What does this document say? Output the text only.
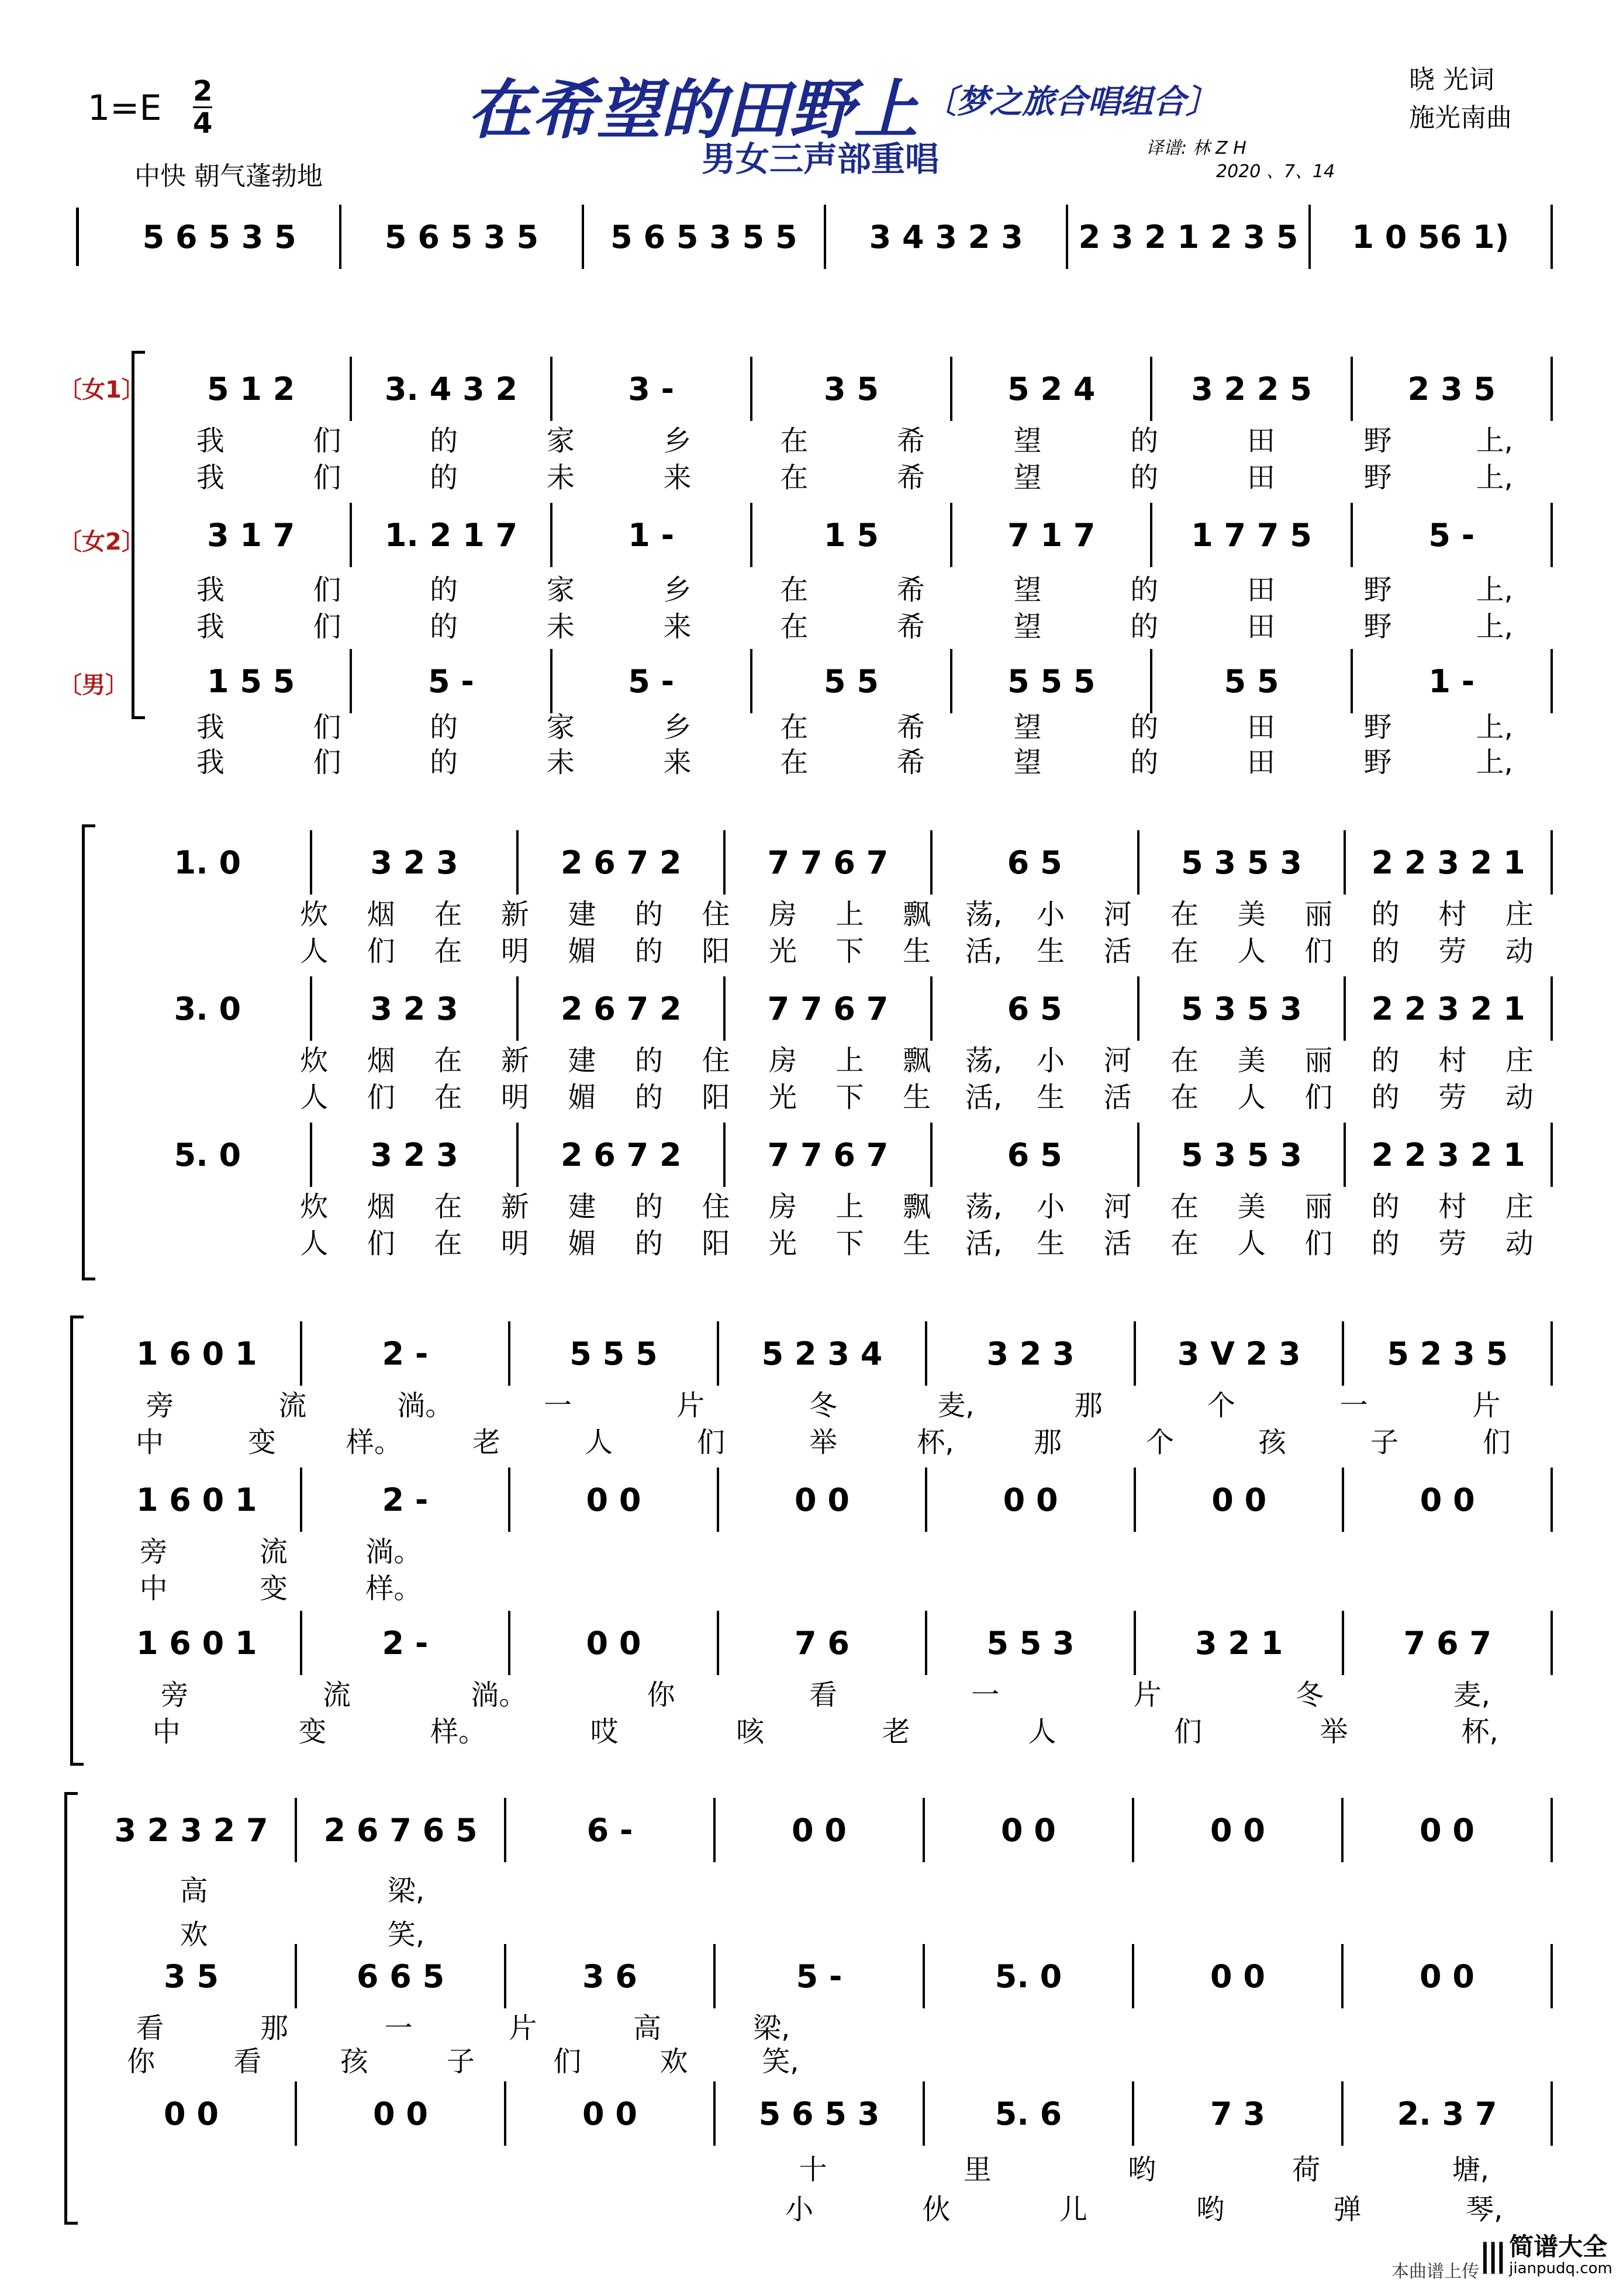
1=E 2
4	在希望的田野上 〔梦之旅合唱组合〕
男女三声部重唱
晓 光词
施光南曲
译谱: 林 Z H
2020 、7、14
中快 朝气蓬勃地
5 6 5 3 5	5 6 5 3 5	5 6 5 3 5 5	3 4 3 2 3	2 3 2 1 2 3 5	1 0 56 1)
〔女1〕
〔女2〕
〔男〕
5 1 2	3. 4 3 2	3 -	3 5	5 2 4	3 2 2 5	2 3 5
我	们	的	家	乡	在	希	望	的	田	野	上,
我	们	的	未	来	在	希	望	的	田	野	上,
3 1 7	1. 2 1 7	1 -	1 5	7 1 7	1 7 7 5	5 -
我	们	的	家	乡	在	希	望	的	田	野	上,
我	们	的	未	来	在	希	望	的	田	野	上,
1 5 5	5 -	5 -	5 5	5 5 5	5 5	1 -
我	们	的	家	乡	在	希	望	的	田	野	上,
我	们	的	未	来	在	希	望	的	田	野	上,
1. 0	3 2 3	2 6 7 2	7 7 6 7	6 5	5 3 5 3	2 2 3 2 1
炊	烟	在	新	建	的	住	房	上	飘	荡,	小	河	在	美	丽	的	村	庄
人	们	在	明	媚	的	阳	光	下	生	活,	生	活	在	人	们	的	劳	动
3. 0	3 2 3	2 6 7 2	7 7 6 7	6 5	5 3 5 3	2 2 3 2 1
炊	烟	在	新	建	的	住	房	上	飘	荡,	小	河	在	美	丽	的	村	庄
人	们	在	明	媚	的	阳	光	下	生	活,	生	活	在	人	们	的	劳	动
5. 0	3 2 3	2 6 7 2	7 7 6 7	6 5	5 3 5 3	2 2 3 2 1
炊	烟	在	新	建	的	住	房	上	飘	荡,	小	河	在	美	丽	的	村	庄
人	们	在	明	媚	的	阳	光	下	生	活,	生	活	在	人	们	的	劳	动
1 6 0 1	2 -	5 5 5	5 2 3 4	3 2 3	3 V 2 3	5 2 3 5
旁	流	淌。	一	片	冬	麦,	那	个	一	片
中	变	样。	老	人	们	举	杯,	那	个	孩	子	们
1 6 0 1	2 -	0 0	0 0	0 0	0 0	0 0
旁	流	淌。
中	变	样。
1 6 0 1	2 -	0 0	7 6	5 5 3	3 2 1	7 6 7
旁	流	淌。	你	看	一	片	冬	麦,
中	变	样。	哎	咳	老	人	们	举	杯,
3 2 3 2 7	2 6 7 6 5	6 -	0 0	0 0	0 0	0 0
高	梁,
欢	笑,
3 5	6 6 5	3 6	5 -	5. 0	0 0	0 0
看	那	一	片	高	梁,
你	看	孩	子	们	欢	笑,
0 0	0 0	0 0	5 6 5 3	5. 6	7 3	2. 3 7
十	里	哟	荷	塘,
小	伙	儿	哟	弹	琴,
本曲谱上传 ||| 简谱大全
jianpudq.com
